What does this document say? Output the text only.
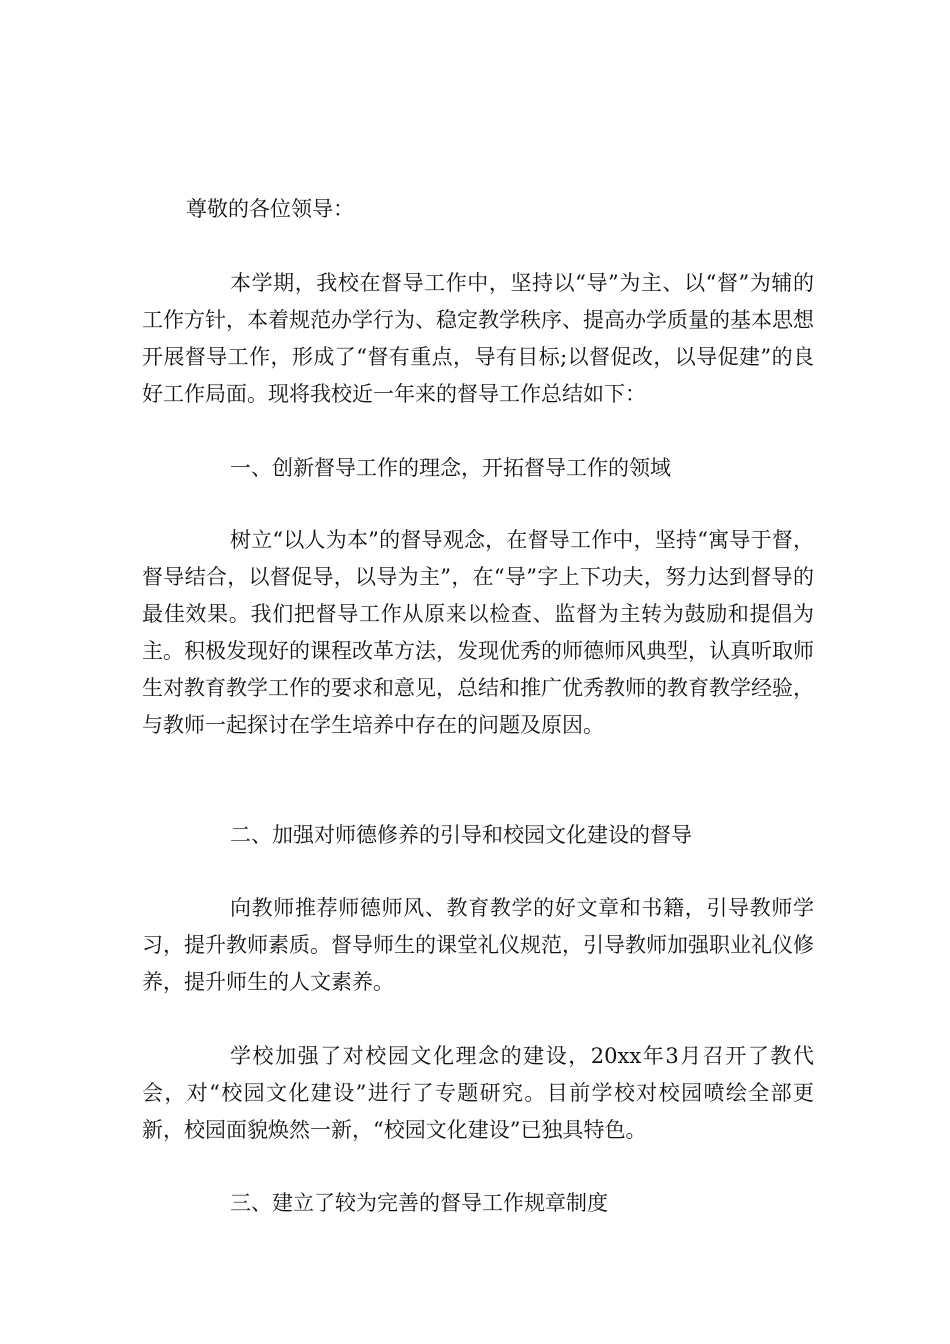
尊敬的各位领导：
本学期，我校在督导工作中，坚持以“导”为主、以“督”为辅的工作方针，本着规范办学行为、稳定教学秩序、提高办学质量的基本思想开展督导工作，形成了“督有重点，导有目标;以督促改，以导促建”的良好工作局面。现将我校近一年来的督导工作总结如下：
一、创新督导工作的理念，开拓督导工作的领域
树立“以人为本”的督导观念，在督导工作中，坚持“寓导于督，督导结合，以督促导，以导为主”，在“导”字上下功夫，努力达到督导的最佳效果。我们把督导工作从原来以检查、监督为主转为鼓励和提倡为主。积极发现好的课程改革方法，发现优秀的师德师风典型，认真听取师生对教育教学工作的要求和意见，总结和推广优秀教师的教育教学经验，与教师一起探讨在学生培养中存在的问题及原因。
二、加强对师德修养的引导和校园文化建设的督导
向教师推荐师德师风、教育教学的好文章和书籍，引导教师学习，提升教师素质。督导师生的课堂礼仪规范，引导教师加强职业礼仪修养，提升师生的人文素养。
学校加强了对校园文化理念的建设，20xx年3月召开了教代会，对“校园文化建设”进行了专题研究。目前学校对校园喷绘全部更新，校园面貌焕然一新，“校园文化建设”已独具特色。
三、建立了较为完善的督导工作规章制度
